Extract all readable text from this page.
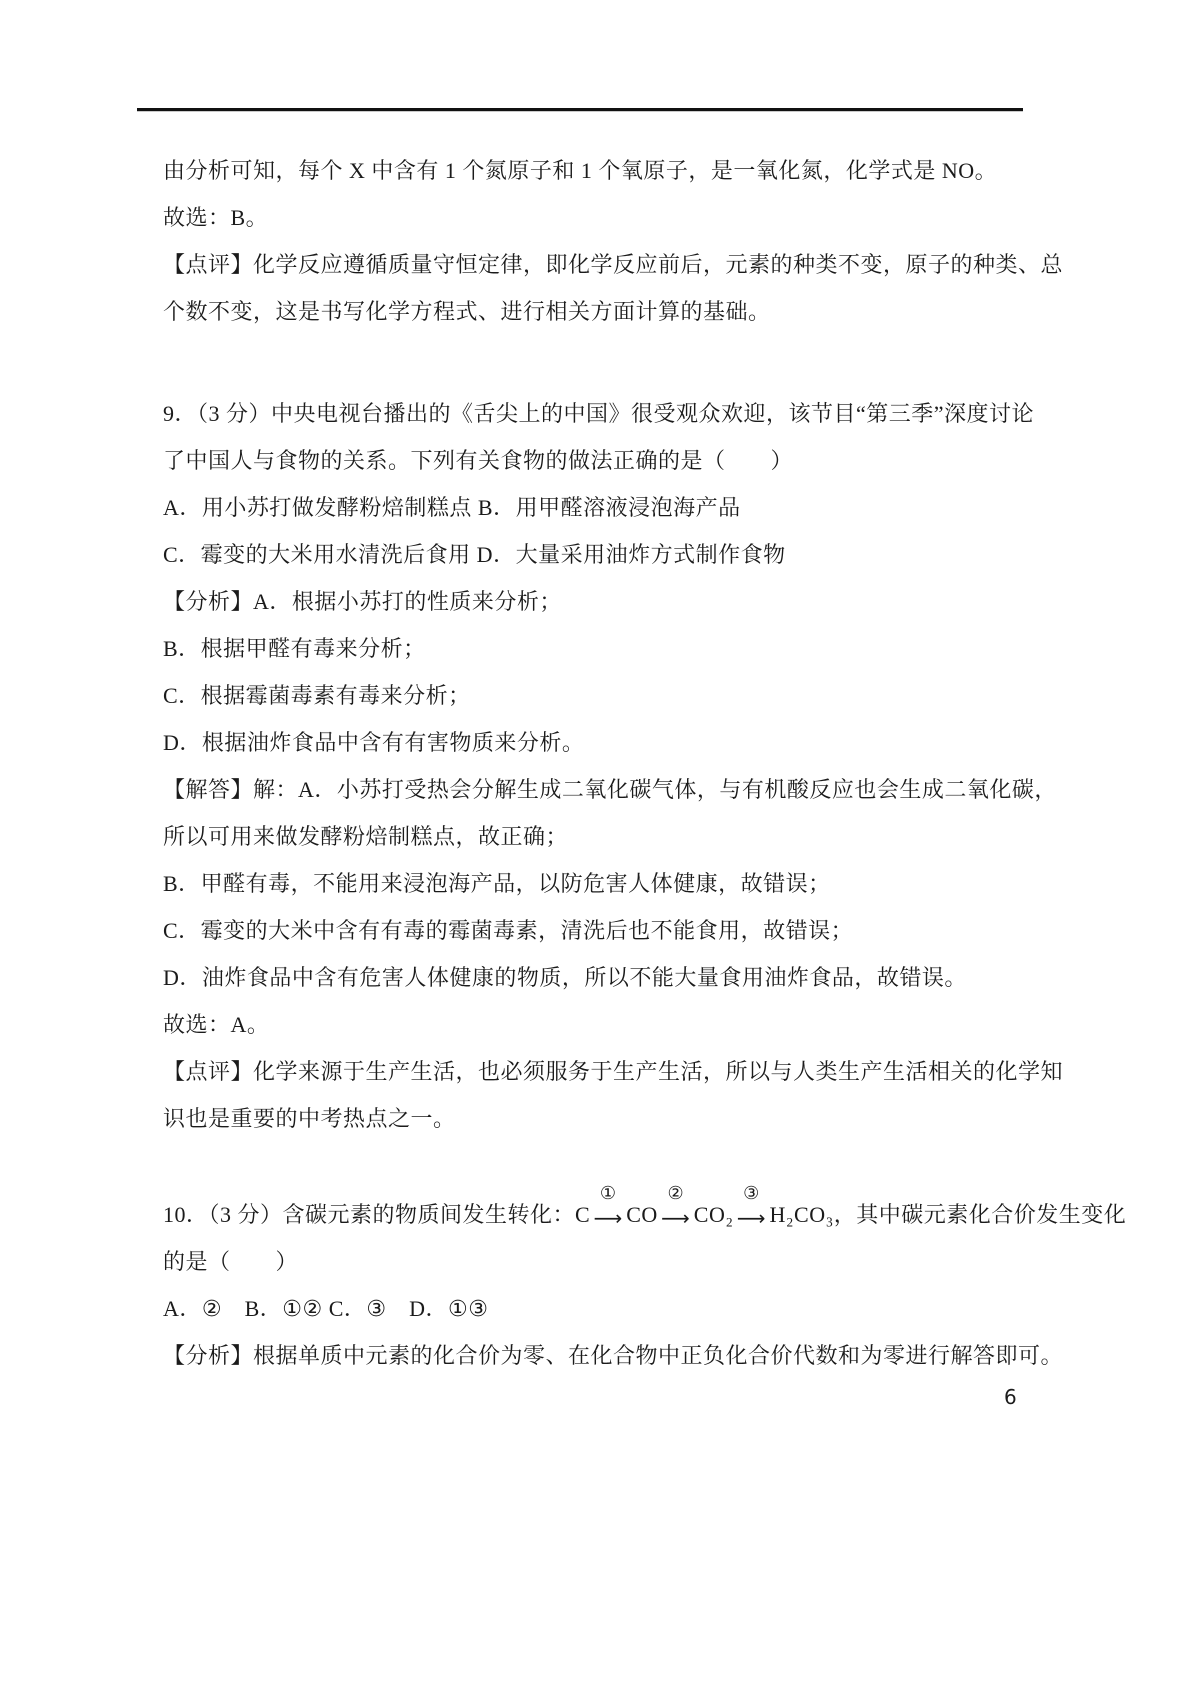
由分析可知，每个 X 中含有 1 个氮原子和 1 个氧原子，是一氧化氮，化学式是 NO。
故选：B。
【点评】化学反应遵循质量守恒定律，即化学反应前后，元素的种类不变，原子的种类、总
个数不变，这是书写化学方程式、进行相关方面计算的基础。
9．（3 分）中央电视台播出的《舌尖上的中国》很受观众欢迎，该节目“第三季”深度讨论
了中国人与食物的关系。下列有关食物的做法正确的是（　　）
A．用小苏打做发酵粉焙制糕点 B．用甲醛溶液浸泡海产品
C．霉变的大米用水清洗后食用 D．大量采用油炸方式制作食物
【分析】A．根据小苏打的性质来分析；
B．根据甲醛有毒来分析；
C．根据霉菌毒素有毒来分析；
D．根据油炸食品中含有有害物质来分析。
【解答】解：A．小苏打受热会分解生成二氧化碳气体，与有机酸反应也会生成二氧化碳，
所以可用来做发酵粉焙制糕点，故正确；
B．甲醛有毒，不能用来浸泡海产品，以防危害人体健康，故错误；
C．霉变的大米中含有有毒的霉菌毒素，清洗后也不能食用，故错误；
D．油炸食品中含有危害人体健康的物质，所以不能大量食用油炸食品，故错误。
故选：A。
【点评】化学来源于生产生活，也必须服务于生产生活，所以与人类生产生活相关的化学知
识也是重要的中考热点之一。
10．（3 分）含碳元素的物质间发生转化：C
①
⟶ CO
②
⟶ CO₂
③
⟶ H₂CO₃，其中碳元素化合价发生变化
的是（　　）
A．②　B．①② C．③　D．①③
【分析】根据单质中元素的化合价为零、在化合物中正负化合价代数和为零进行解答即可。
6
